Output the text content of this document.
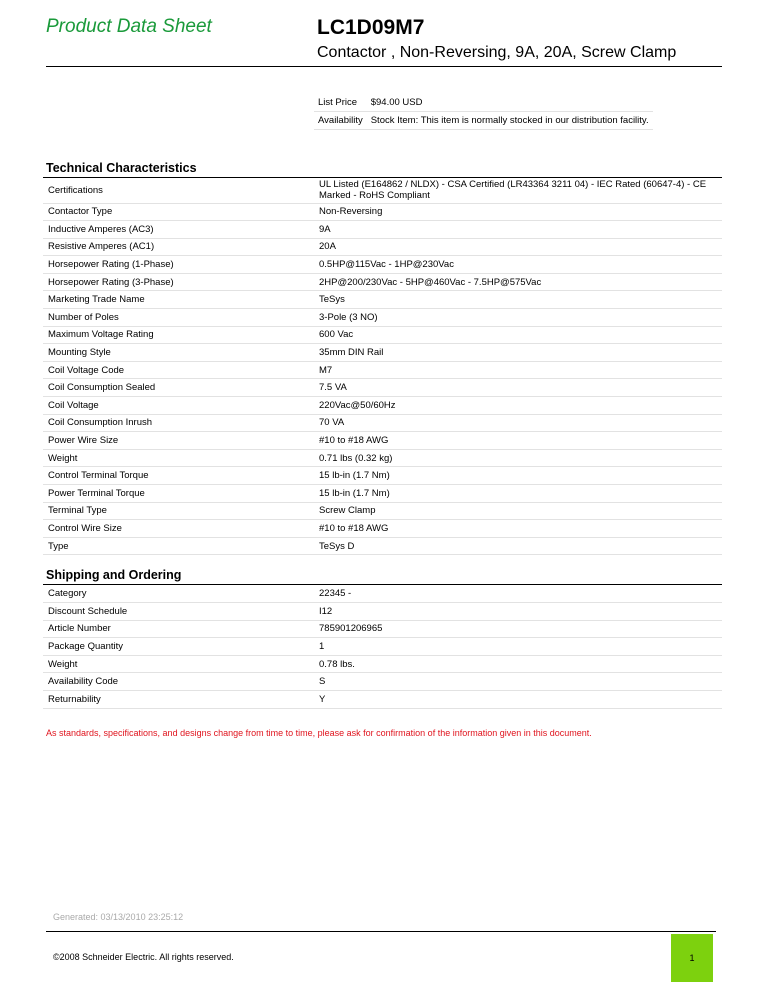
Product Data Sheet	LC1D09M7
Contactor , Non-Reversing, 9A, 20A, Screw Clamp
List Price	$94.00 USD
Availability	Stock Item: This item is normally stocked in our distribution facility.
Technical Characteristics
Certifications	UL Listed (E164862 / NLDX) - CSA Certified (LR43364 3211 04) - IEC Rated (60647-4) - CE Marked - RoHS Compliant
Contactor Type	Non-Reversing
Inductive Amperes (AC3)	9A
Resistive Amperes (AC1)	20A
Horsepower Rating (1-Phase)	0.5HP@115Vac - 1HP@230Vac
Horsepower Rating (3-Phase)	2HP@200/230Vac - 5HP@460Vac - 7.5HP@575Vac
Marketing Trade Name	TeSys
Number of Poles	3-Pole (3 NO)
Maximum Voltage Rating	600 Vac
Mounting Style	35mm DIN Rail
Coil Voltage Code	M7
Coil Consumption Sealed	7.5 VA
Coil Voltage	220Vac@50/60Hz
Coil Consumption Inrush	70 VA
Power Wire Size	#10 to #18 AWG
Weight	0.71 lbs (0.32 kg)
Control Terminal Torque	15 lb-in (1.7 Nm)
Power Terminal Torque	15 lb-in (1.7 Nm)
Terminal Type	Screw Clamp
Control Wire Size	#10 to #18 AWG
Type	TeSys D
Shipping and Ordering
Category	22345 -
Discount Schedule	I12
Article Number	785901206965
Package Quantity	1
Weight	0.78 lbs.
Availability Code	S
Returnability	Y
As standards, specifications, and designs change from time to time, please ask for confirmation of the information given in this document.
Generated: 03/13/2010 23:25:12
©2008 Schneider Electric. All rights reserved.	1
